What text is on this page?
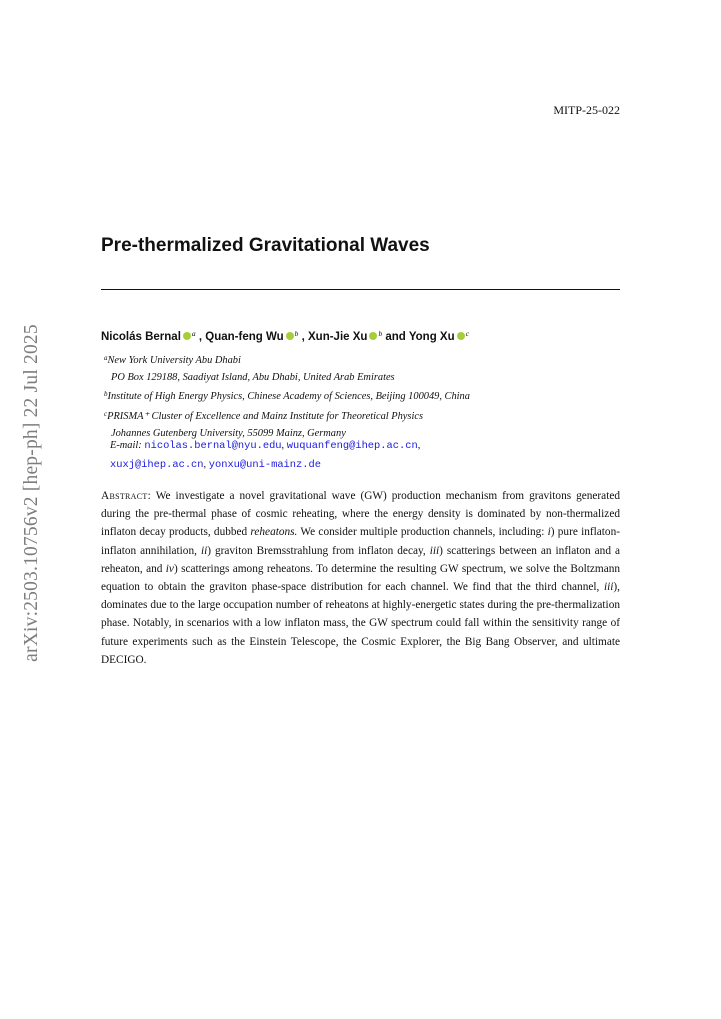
arXiv:2503.10756v2 [hep-ph] 22 Jul 2025
MITP-25-022
Pre-thermalized Gravitational Waves
Nicolás Bernal $^a$ , Quan-feng Wu $^b$ , Xun-Jie Xu $^b$ and Yong Xu $^c$
$^a$New York University Abu Dhabi
PO Box 129188, Saadiyat Island, Abu Dhabi, United Arab Emirates
$^b$Institute of High Energy Physics, Chinese Academy of Sciences, Beijing 100049, China
$^c$PRISMA⁺ Cluster of Excellence and Mainz Institute for Theoretical Physics
Johannes Gutenberg University, 55099 Mainz, Germany
E-mail: nicolas.bernal@nyu.edu, wuquanfeng@ihep.ac.cn,
xuxj@ihep.ac.cn, yonxu@uni-mainz.de
Abstract: We investigate a novel gravitational wave (GW) production mechanism from gravitons generated during the pre-thermal phase of cosmic reheating, where the energy density is dominated by non-thermalized inflaton decay products, dubbed reheatons. We consider multiple production channels, including: i) pure inflaton-inflaton annihilation, ii) graviton Bremsstrahlung from inflaton decay, iii) scatterings between an inflaton and a reheaton, and iv) scatterings among reheatons. To determine the resulting GW spectrum, we solve the Boltzmann equation to obtain the graviton phase-space distribution for each channel. We find that the third channel, iii), dominates due to the large occupation number of reheatons at highly-energetic states during the pre-thermalization phase. Notably, in scenarios with a low inflaton mass, the GW spectrum could fall within the sensitivity range of future experiments such as the Einstein Telescope, the Cosmic Explorer, the Big Bang Observer, and ultimate DECIGO.
